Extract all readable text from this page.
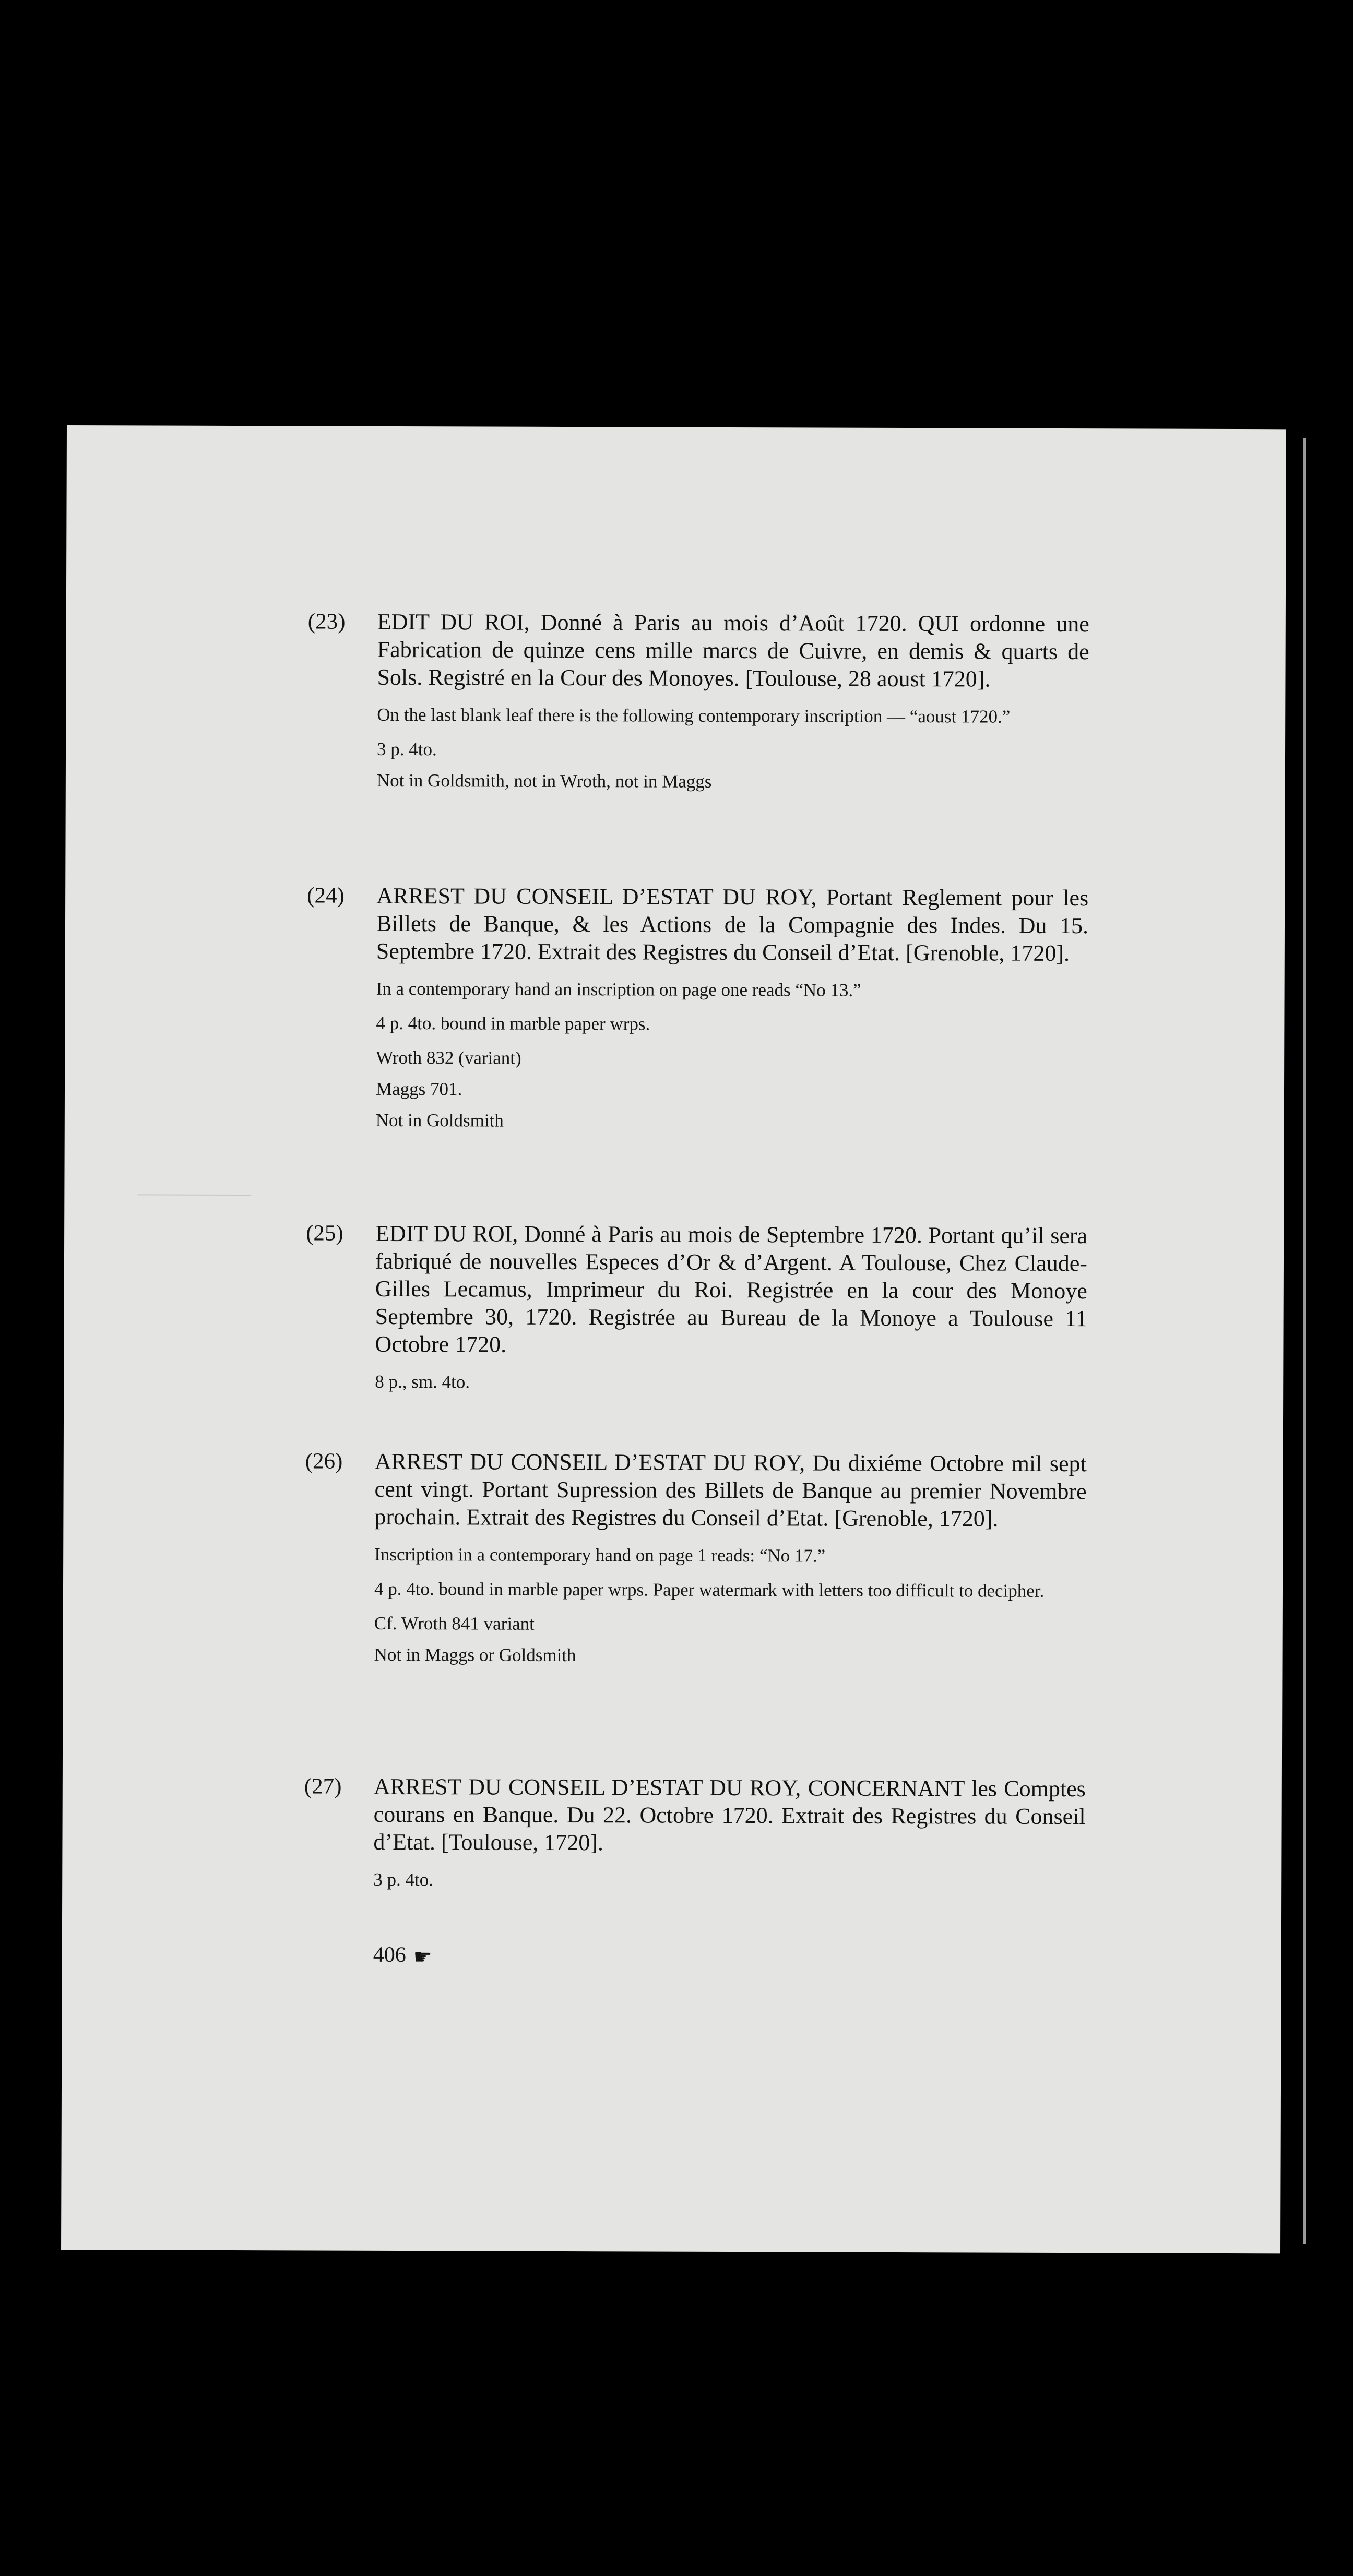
(23) EDIT DU ROI, Donné à Paris au mois d’Août 1720. QUI ordonne une Fabrication de quinze cens mille marcs de Cuivre, en demis & quarts de Sols. Registré en la Cour des Monoyes. [Toulouse, 28 aoust 1720].

On the last blank leaf there is the following contemporary inscription — “aoust 1720.”

3 p. 4to.

Not in Goldsmith, not in Wroth, not in Maggs

(24) ARREST DU CONSEIL D’ESTAT DU ROY, Portant Reglement pour les Billets de Banque, & les Actions de la Compagnie des Indes. Du 15. Septembre 1720. Extrait des Registres du Conseil d’Etat. [Grenoble, 1720].

In a contemporary hand an inscription on page one reads “No 13.”

4 p. 4to. bound in marble paper wrps.

Wroth 832 (variant)

Maggs 701.

Not in Goldsmith

(25) EDIT DU ROI, Donné à Paris au mois de Septembre 1720. Portant qu’il sera fabriqué de nouvelles Especes d’Or & d’Argent. A Toulouse, Chez Claude-Gilles Lecamus, Imprimeur du Roi. Registrée en la cour des Monoye Septembre 30, 1720. Registrée au Bureau de la Monoye a Toulouse 11 Octobre 1720.

8 p., sm. 4to.

(26) ARREST DU CONSEIL D’ESTAT DU ROY, Du dixiéme Octobre mil sept cent vingt. Portant Supression des Billets de Banque au premier Novembre prochain. Extrait des Registres du Conseil d’Etat. [Grenoble, 1720].

Inscription in a contemporary hand on page 1 reads: “No 17.”

4 p. 4to. bound in marble paper wrps. Paper watermark with letters too difficult to decipher.

Cf. Wroth 841 variant

Not in Maggs or Goldsmith

(27) ARREST DU CONSEIL D’ESTAT DU ROY, CONCERNANT les Comptes courans en Banque. Du 22. Octobre 1720. Extrait des Registres du Conseil d’Etat. [Toulouse, 1720].

3 p. 4to.

406 ☛
